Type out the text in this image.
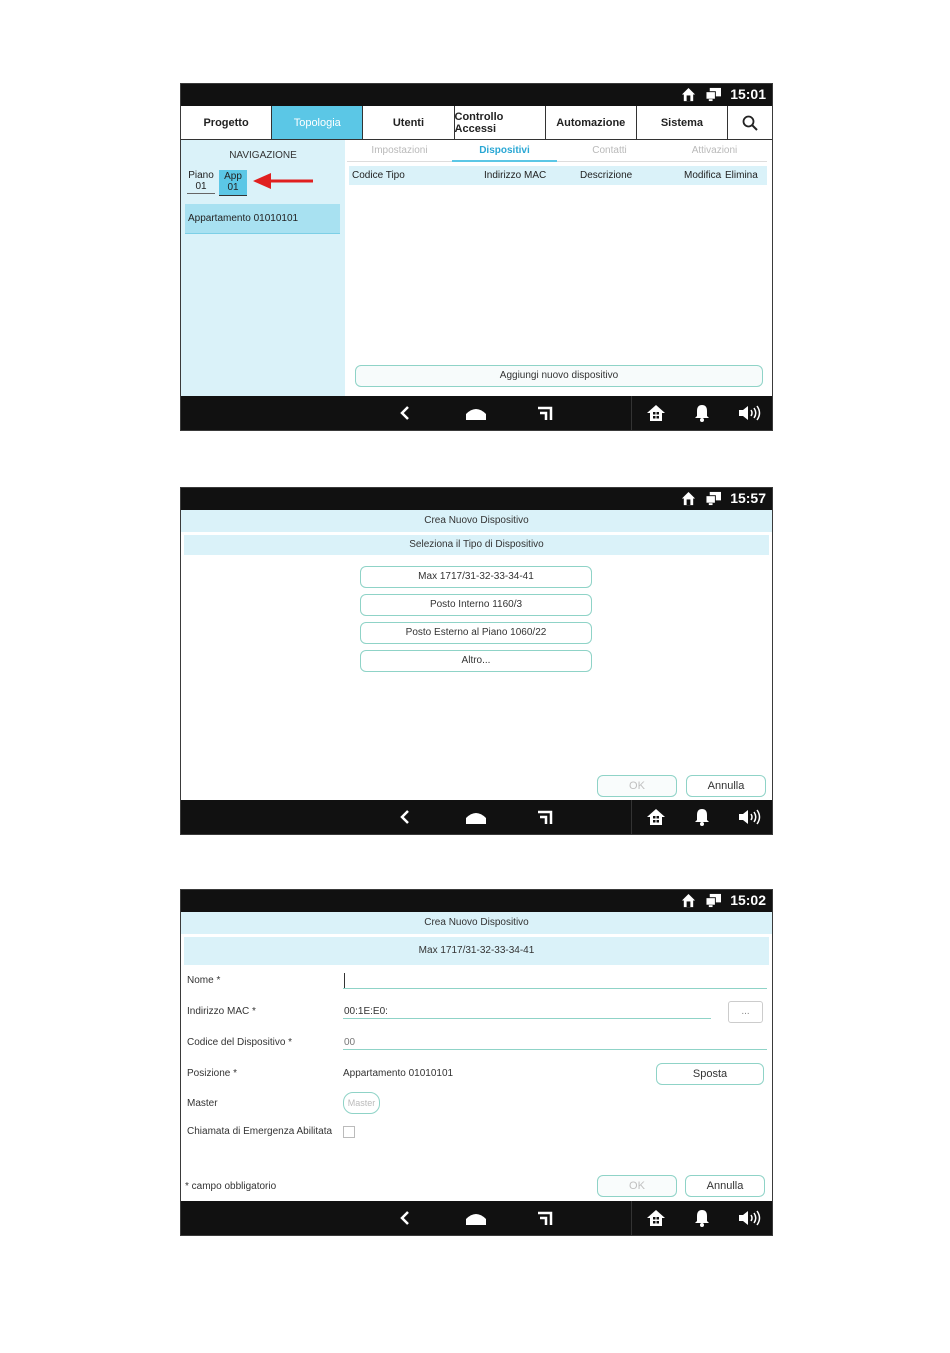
15:01
Progetto	Topologia	Utenti	Controllo Accessi	Automazione	Sistema
NAVIGAZIONE
Piano
01
App
01
Appartamento 01010101
Impostazioni	Dispositivi	Contatti	Attivazioni
Codice Tipo	Indirizzo MAC	Descrizione	Modifica Elimina
Aggiungi nuovo dispositivo
15:57
Crea Nuovo Dispositivo
Seleziona il Tipo di Dispositivo
Max 1717/31-32-33-34-41
Posto Interno 1160/3
Posto Esterno al Piano 1060/22
Altro...
OK	Annulla
15:02
Crea Nuovo Dispositivo
Max 1717/31-32-33-34-41
Nome *
Indirizzo MAC *	00:1E:E0:	...
Codice del Dispositivo *	00
Posizione *	Appartamento 01010101	Sposta
Master	Master
Chiamata di Emergenza Abilitata
* campo obbligatorio	OK	Annulla
